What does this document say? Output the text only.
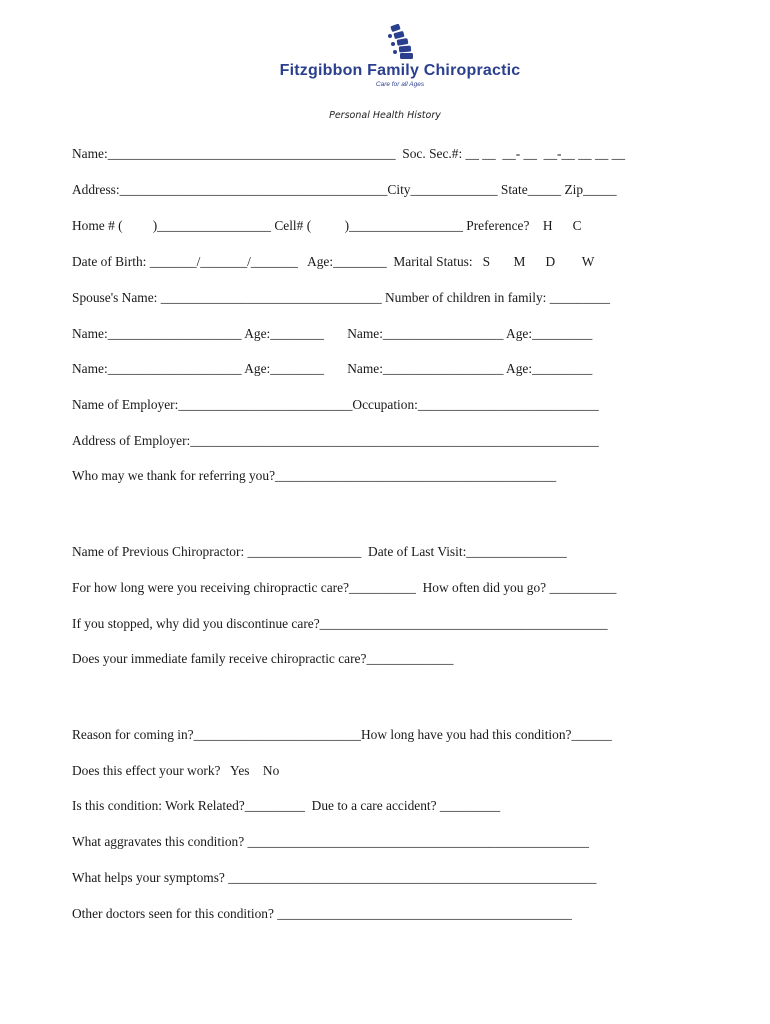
Fitzgibbon Family Chiropractic
Care for all Ages
Personal Health History
Name:___________________________________________  Soc. Sec.#: __ __  __- __  __-__ __ __ __
Address:________________________________________City_____________ State_____ Zip_____
Home # (         )_________________ Cell# (          )_________________ Preference?    H      C
Date of Birth: _______/_______/_______   Age:________  Marital Status:   S       M      D        W
Spouse's Name: _________________________________ Number of children in family: _________
Name:____________________ Age:________       Name:__________________ Age:_________
Name:____________________ Age:________       Name:__________________ Age:_________
Name of Employer:__________________________Occupation:___________________________
Address of Employer:_____________________________________________________________
Who may we thank for referring you?__________________________________________
Name of Previous Chiropractor: _________________  Date of Last Visit:_______________
For how long were you receiving chiropractic care?__________  How often did you go? __________
If you stopped, why did you discontinue care?___________________________________________
Does your immediate family receive chiropractic care?_____________
Reason for coming in?_________________________How long have you had this condition?______
Does this effect your work?   Yes    No
Is this condition: Work Related?_________  Due to a care accident? _________
What aggravates this condition? ___________________________________________________
What helps your symptoms? _______________________________________________________
Other doctors seen for this condition? ____________________________________________
